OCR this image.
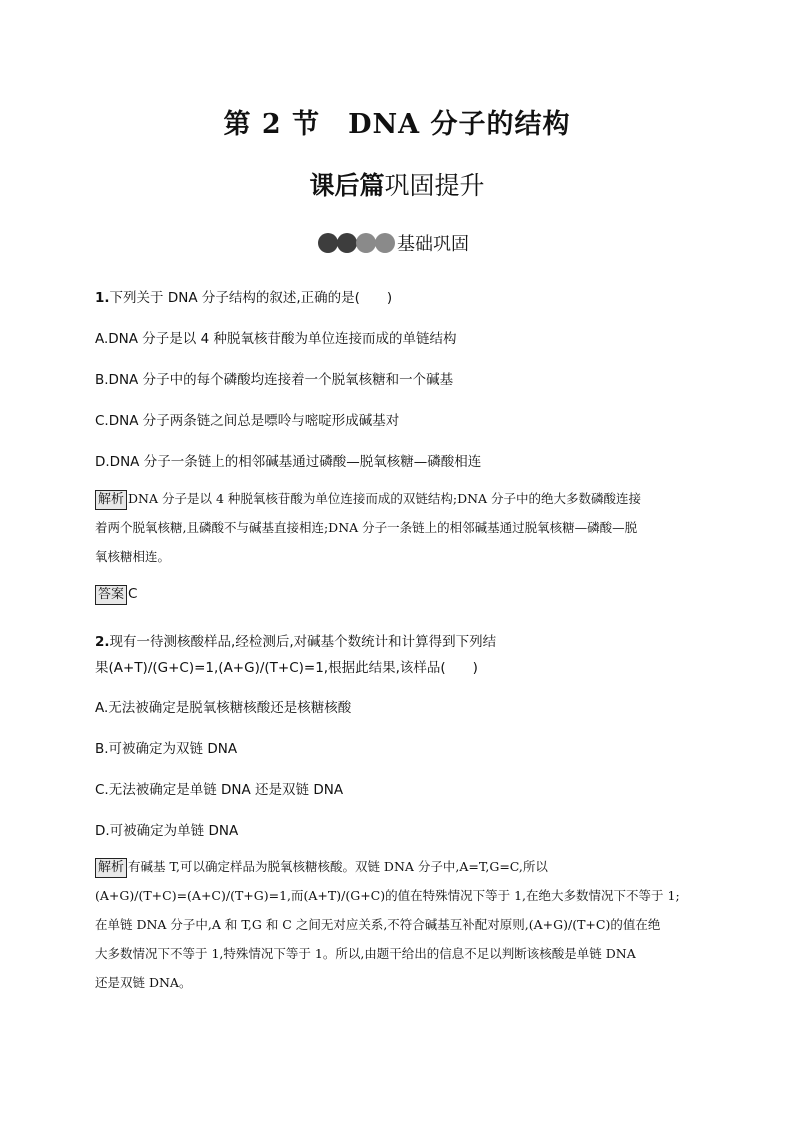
第 2 节　DNA 分子的结构
课后篇巩固提升
基础巩固
1.下列关于 DNA 分子结构的叙述,正确的是(　　)
A.DNA 分子是以 4 种脱氧核苷酸为单位连接而成的单链结构
B.DNA 分子中的每个磷酸均连接着一个脱氧核糖和一个碱基
C.DNA 分子两条链之间总是嘌呤与嘧啶形成碱基对
D.DNA 分子一条链上的相邻碱基通过磷酸—脱氧核糖—磷酸相连
解析 DNA 分子是以 4 种脱氧核苷酸为单位连接而成的双链结构;DNA 分子中的绝大多数磷酸连接
着两个脱氧核糖,且磷酸不与碱基直接相连;DNA 分子一条链上的相邻碱基通过脱氧核糖—磷酸—脱
氧核糖相连。
答案 C
2.现有一待测核酸样品,经检测后,对碱基个数统计和计算得到下列结
果(A+T)/(G+C)=1,(A+G)/(T+C)=1,根据此结果,该样品(　　)
A.无法被确定是脱氧核糖核酸还是核糖核酸
B.可被确定为双链 DNA
C.无法被确定是单链 DNA 还是双链 DNA
D.可被确定为单链 DNA
解析 有碱基 T,可以确定样品为脱氧核糖核酸。双链 DNA 分子中,A=T,G=C,所以
(A+G)/(T+C)=(A+C)/(T+G)=1,而(A+T)/(G+C)的值在特殊情况下等于 1,在绝大多数情况下不等于 1;
在单链 DNA 分子中,A 和 T,G 和 C 之间无对应关系,不符合碱基互补配对原则,(A+G)/(T+C)的值在绝
大多数情况下不等于 1,特殊情况下等于 1。所以,由题干给出的信息不足以判断该核酸是单链 DNA
还是双链 DNA。
